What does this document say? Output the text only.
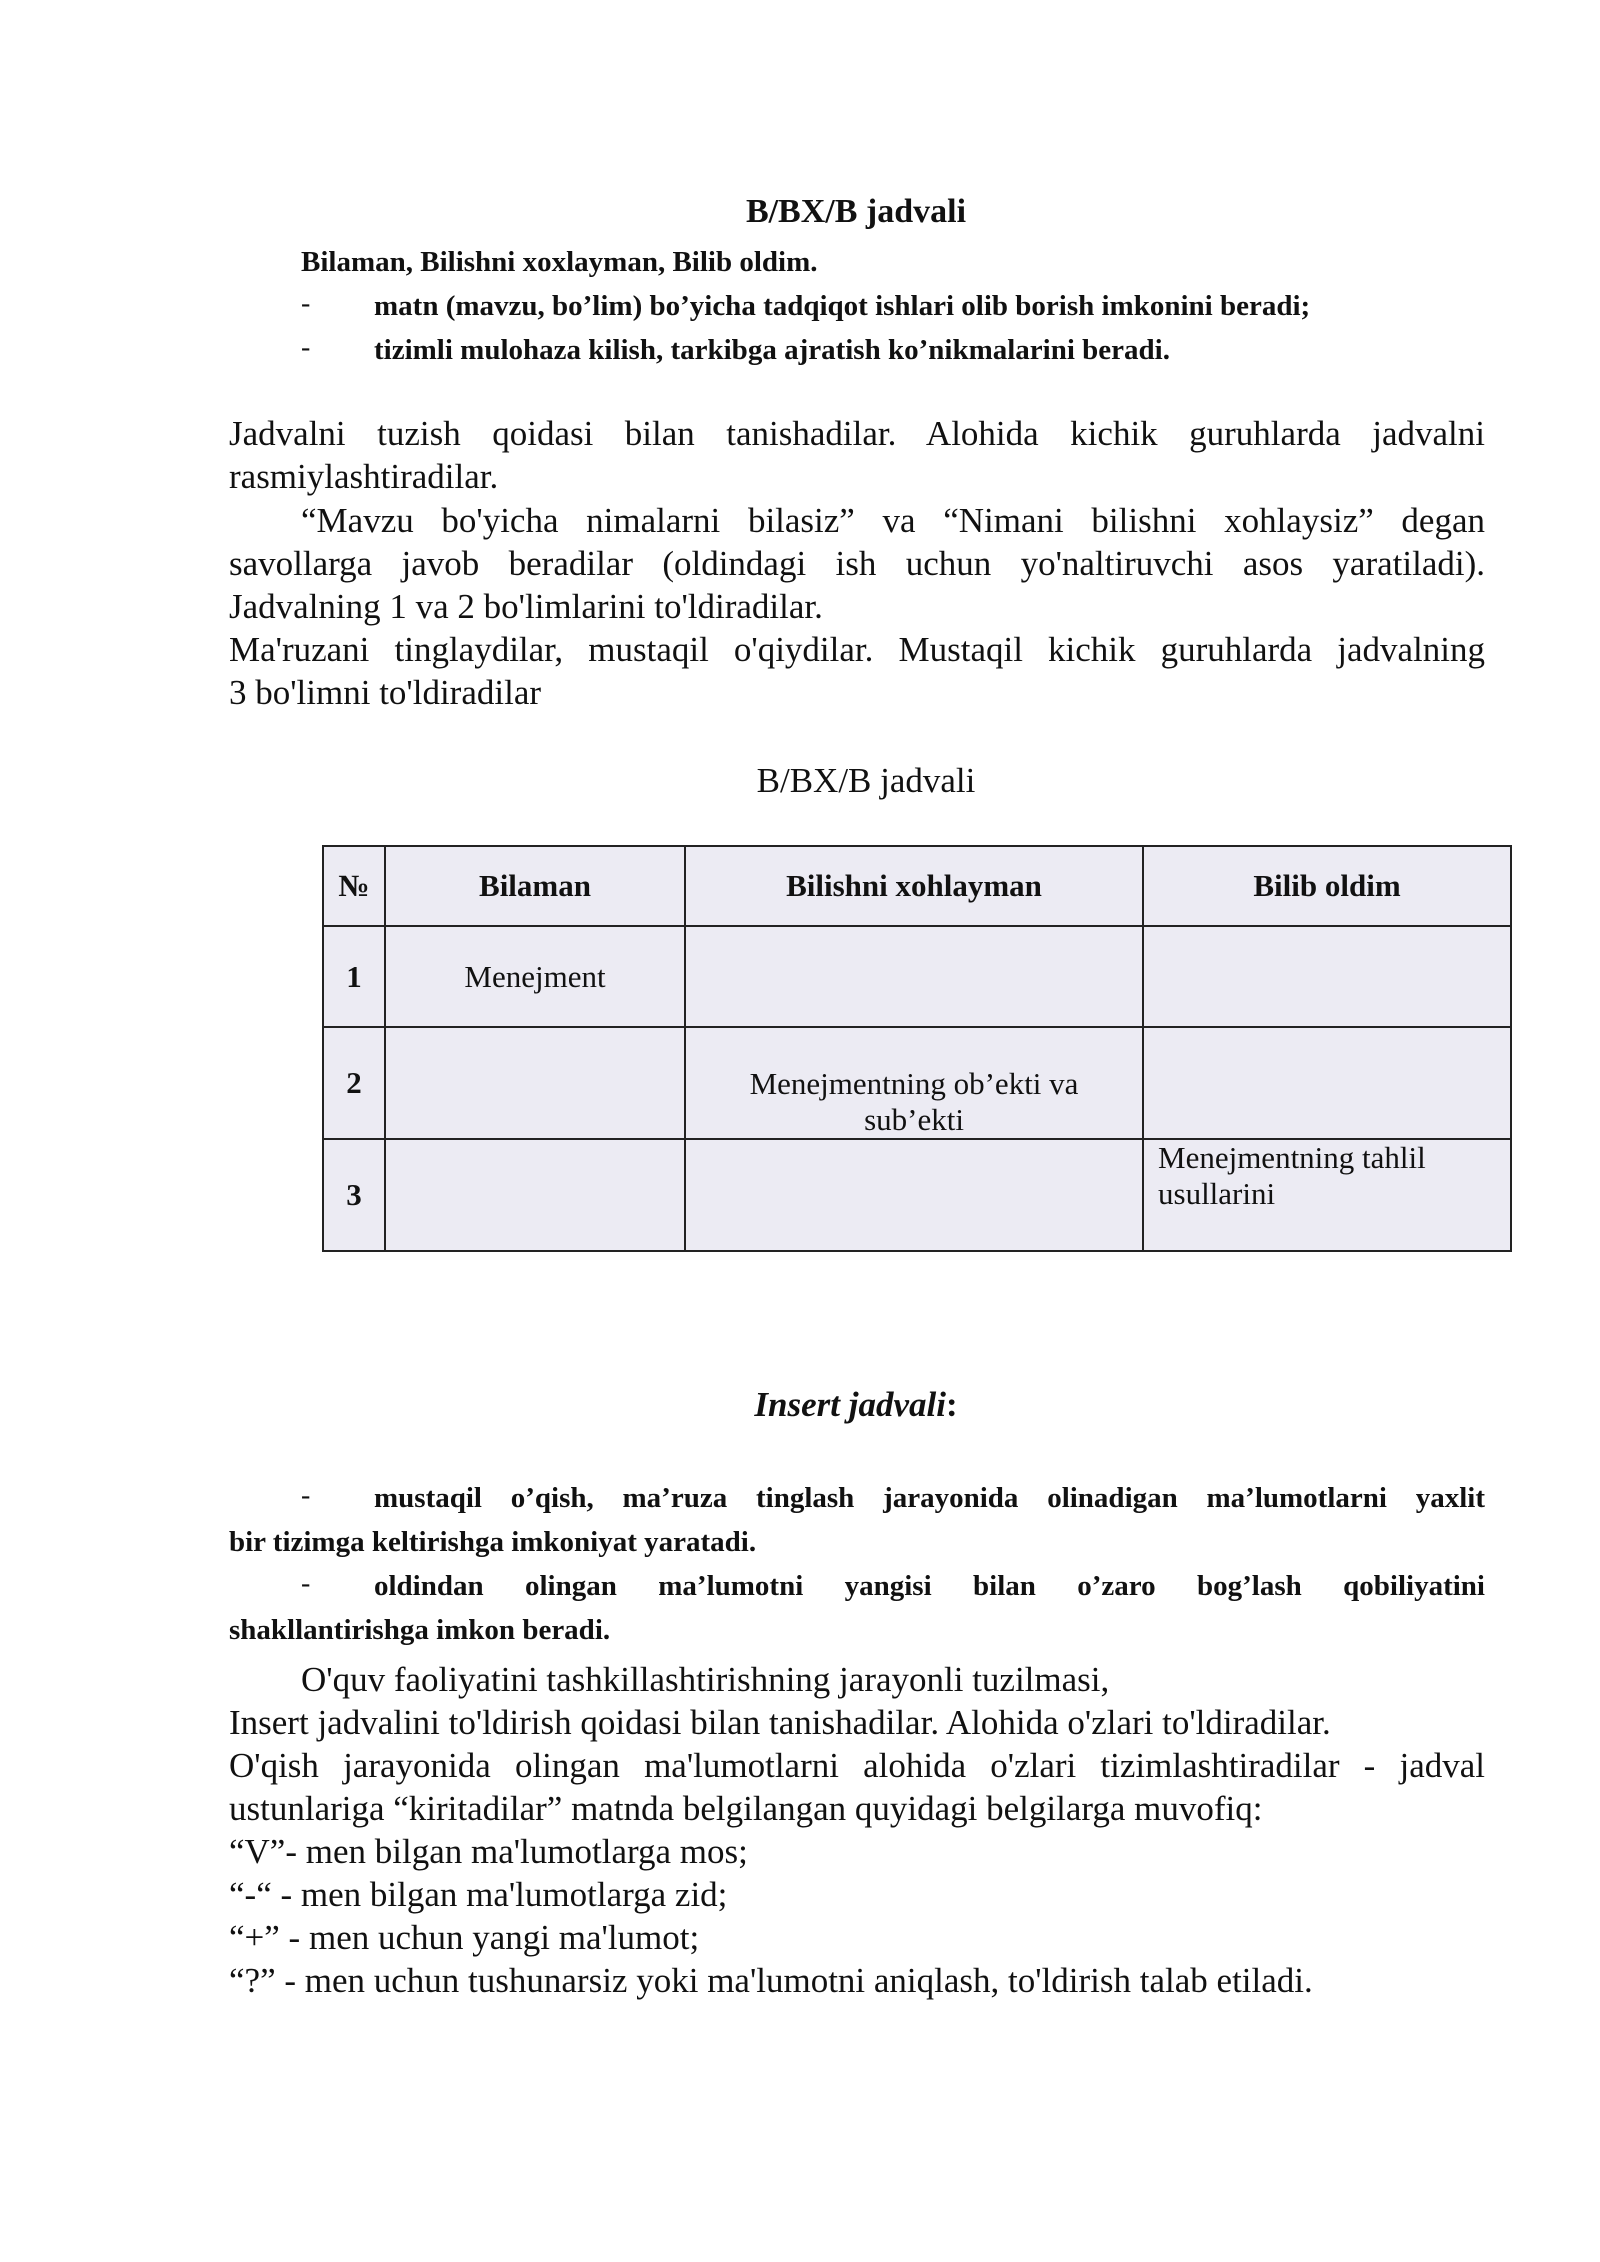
B/BX/B jadvali
Bilaman, Bilishni xoxlayman, Bilib oldim.
- matn (mavzu, bo’lim) bo’yicha tadqiqot ishlari olib borish imkonini beradi;
- tizimli mulohaza kilish, tarkibga ajratish ko’nikmalarini beradi.
Jadvalni tuzish qoidasi bilan tanishadilar. Alohida kichik guruhlarda jadvalni
rasmiylashtiradilar.
“Mavzu bo'yicha nimalarni bilasiz” va “Nimani bilishni xohlaysiz” degan
savollarga javob beradilar (oldindagi ish uchun yo'naltiruvchi asos yaratiladi).
Jadvalning 1 va 2 bo'limlarini to'ldiradilar.
Ma'ruzani tinglaydilar, mustaqil o'qiydilar. Mustaqil kichik guruhlarda jadvalning
3 bo'limni to'ldiradilar
B/BX/B jadvali
№	Bilaman	Bilishni xohlayman	Bilib oldim
1	Menejment		
2		Menejmentning ob’ekti va
sub’ekti	

3			Menejmentning tahlil
usullarini
Insert jadvali:
- mustaqil o’qish, ma’ruza tinglash jarayonida olinadigan ma’lumotlarni yaxlit
bir tizimga keltirishga imkoniyat yaratadi.
- oldindan olingan ma’lumotni yangisi bilan o’zaro bog’lash qobiliyatini
shakllantirishga imkon beradi.
O'quv faoliyatini tashkillashtirishning jarayonli tuzilmasi,
Insert jadvalini to'ldirish qoidasi bilan tanishadilar. Alohida o'zlari to'ldiradilar.
O'qish jarayonida olingan ma'lumotlarni alohida o'zlari tizimlashtiradilar - jadval
ustunlariga “kiritadilar” matnda belgilangan quyidagi belgilarga muvofiq:
“V”- men bilgan ma'lumotlarga mos;
“-“ - men bilgan ma'lumotlarga zid;
“+” - men uchun yangi ma'lumot;
“?” - men uchun tushunarsiz yoki ma'lumotni aniqlash, to'ldirish talab etiladi.
